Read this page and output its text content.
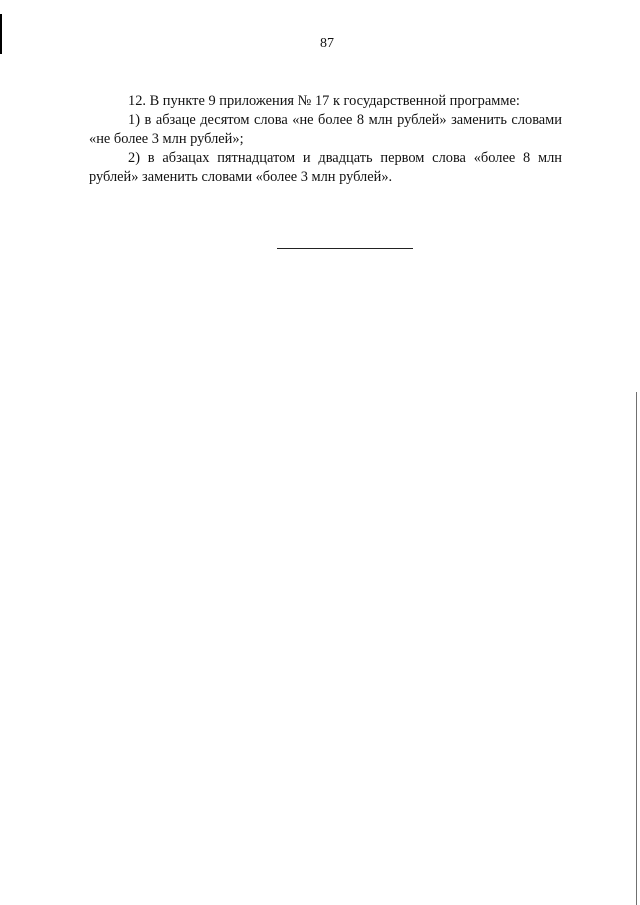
87

12. В пункте 9 приложения № 17 к государственной программе:

1) в абзаце десятом слова «не более 8 млн рублей» заменить словами «не более 3 млн рублей»;

2) в абзацах пятнадцатом и двадцать первом слова «более 8 млн рублей» заменить словами «более 3 млн рублей».
